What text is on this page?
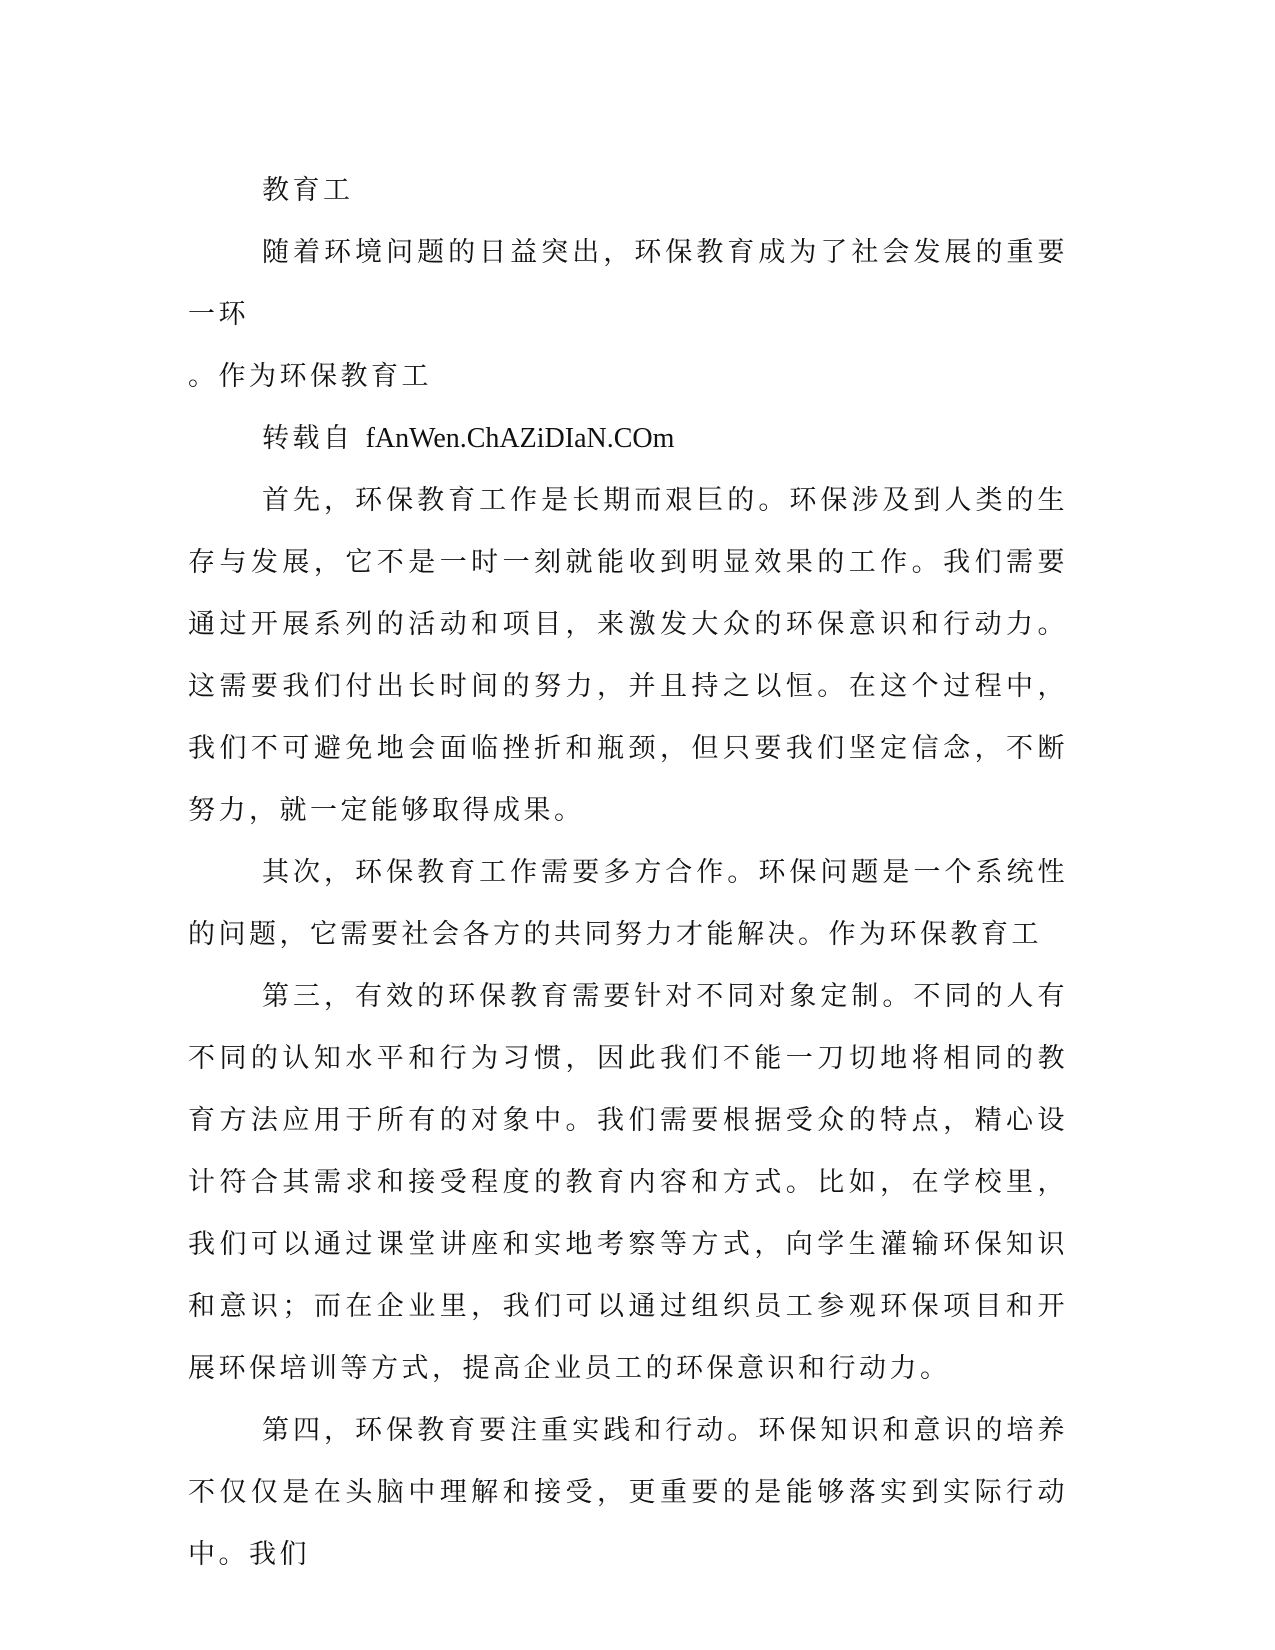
教育工

随着环境问题的日益突出，环保教育成为了社会发展的重要一环

。作为环保教育工

转载自 fAnWen.ChAZiDIaN.COm

首先，环保教育工作是长期而艰巨的。环保涉及到人类的生存与发展，它不是一时一刻就能收到明显效果的工作。我们需要通过开展系列的活动和项目，来激发大众的环保意识和行动力。这需要我们付出长时间的努力，并且持之以恒。在这个过程中，我们不可避免地会面临挫折和瓶颈，但只要我们坚定信念，不断努力，就一定能够取得成果。

其次，环保教育工作需要多方合作。环保问题是一个系统性的问题，它需要社会各方的共同努力才能解决。作为环保教育工

第三，有效的环保教育需要针对不同对象定制。不同的人有不同的认知水平和行为习惯，因此我们不能一刀切地将相同的教育方法应用于所有的对象中。我们需要根据受众的特点，精心设计符合其需求和接受程度的教育内容和方式。比如，在学校里，我们可以通过课堂讲座和实地考察等方式，向学生灌输环保知识和意识；而在企业里，我们可以通过组织员工参观环保项目和开展环保培训等方式，提高企业员工的环保意识和行动力。

第四，环保教育要注重实践和行动。环保知识和意识的培养不仅仅是在头脑中理解和接受，更重要的是能够落实到实际行动中。我们
